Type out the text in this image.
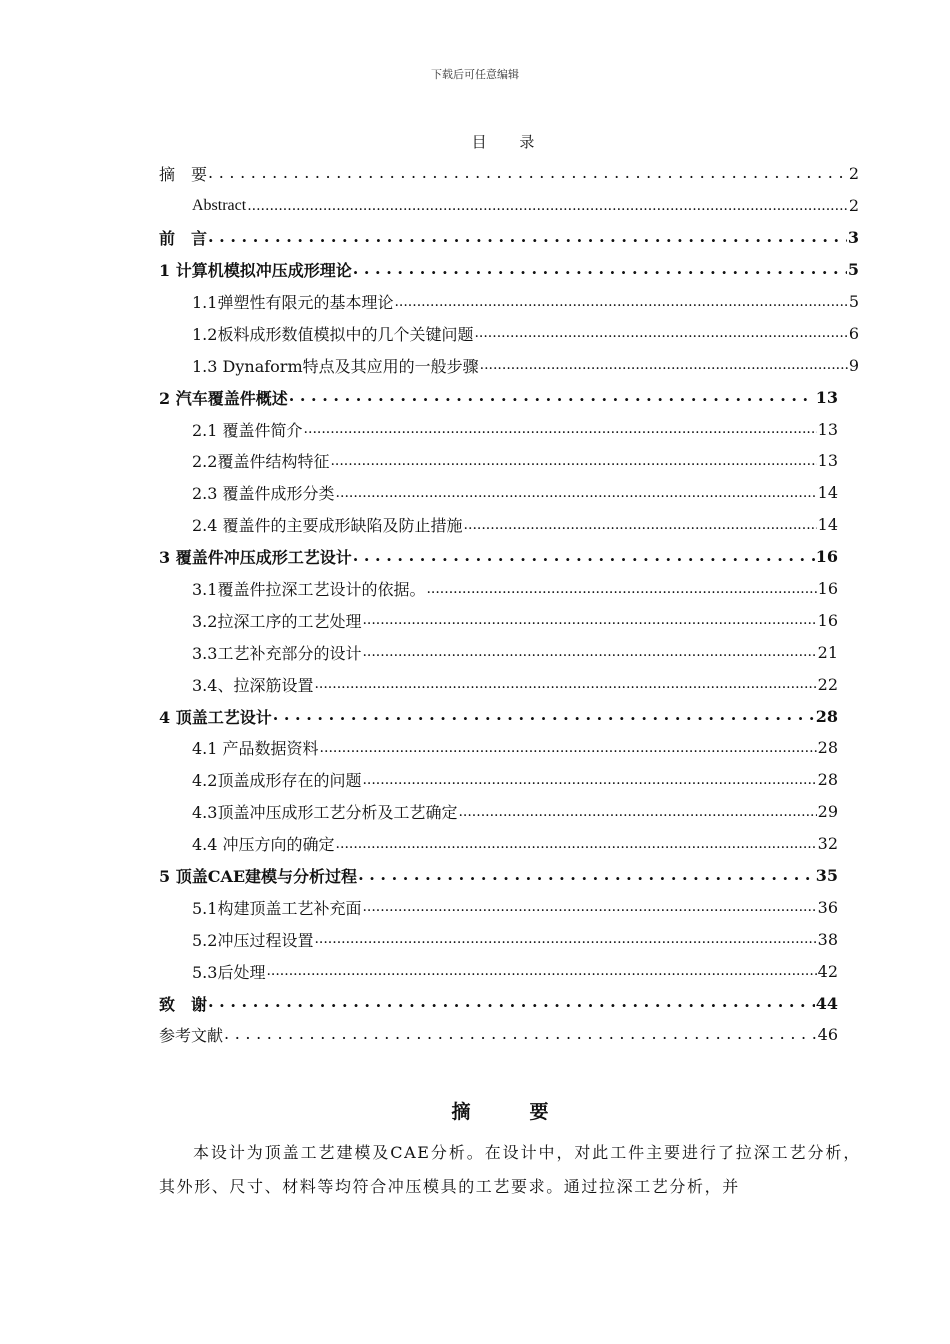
下载后可任意编辑
目 录
摘　要 .....	2
Abstract .....	2
前　言 .....	3
1 计算机模拟冲压成形理论 .....	5
1.1弹塑性有限元的基本理论 .....	5
1.2板料成形数值模拟中的几个关键问题 .....	6
1.3 Dynaform特点及其应用的一般步骤 .....	9
2 汽车覆盖件概述 .....	13
2.1 覆盖件简介 .....	13
2.2覆盖件结构特征 .....	13
2.3 覆盖件成形分类 .....	14
2.4 覆盖件的主要成形缺陷及防止措施 .....	14
3 覆盖件冲压成形工艺设计 .....	16
3.1覆盖件拉深工艺设计的依据。 .....	16
3.2拉深工序的工艺处理 .....	16
3.3工艺补充部分的设计 .....	21
3.4、拉深筋设置 .....	22
4 顶盖工艺设计 .....	28
4.1 产品数据资料 .....	28
4.2顶盖成形存在的问题 .....	28
4.3顶盖冲压成形工艺分析及工艺确定 .....	29
4.4 冲压方向的确定 .....	32
5 顶盖CAE建模与分析过程 .....	35
5.1构建顶盖工艺补充面 .....	36
5.2冲压过程设置 .....	38
5.3后处理 .....	42
致　谢 .....	44
参考文献 .....	46
摘　要
本设计为顶盖工艺建模及CAE分析。在设计中，对此工件主要进行了拉深工艺分析，其外形、尺寸、材料等均符合冲压模具的工艺要求。通过拉深工艺分析，并
